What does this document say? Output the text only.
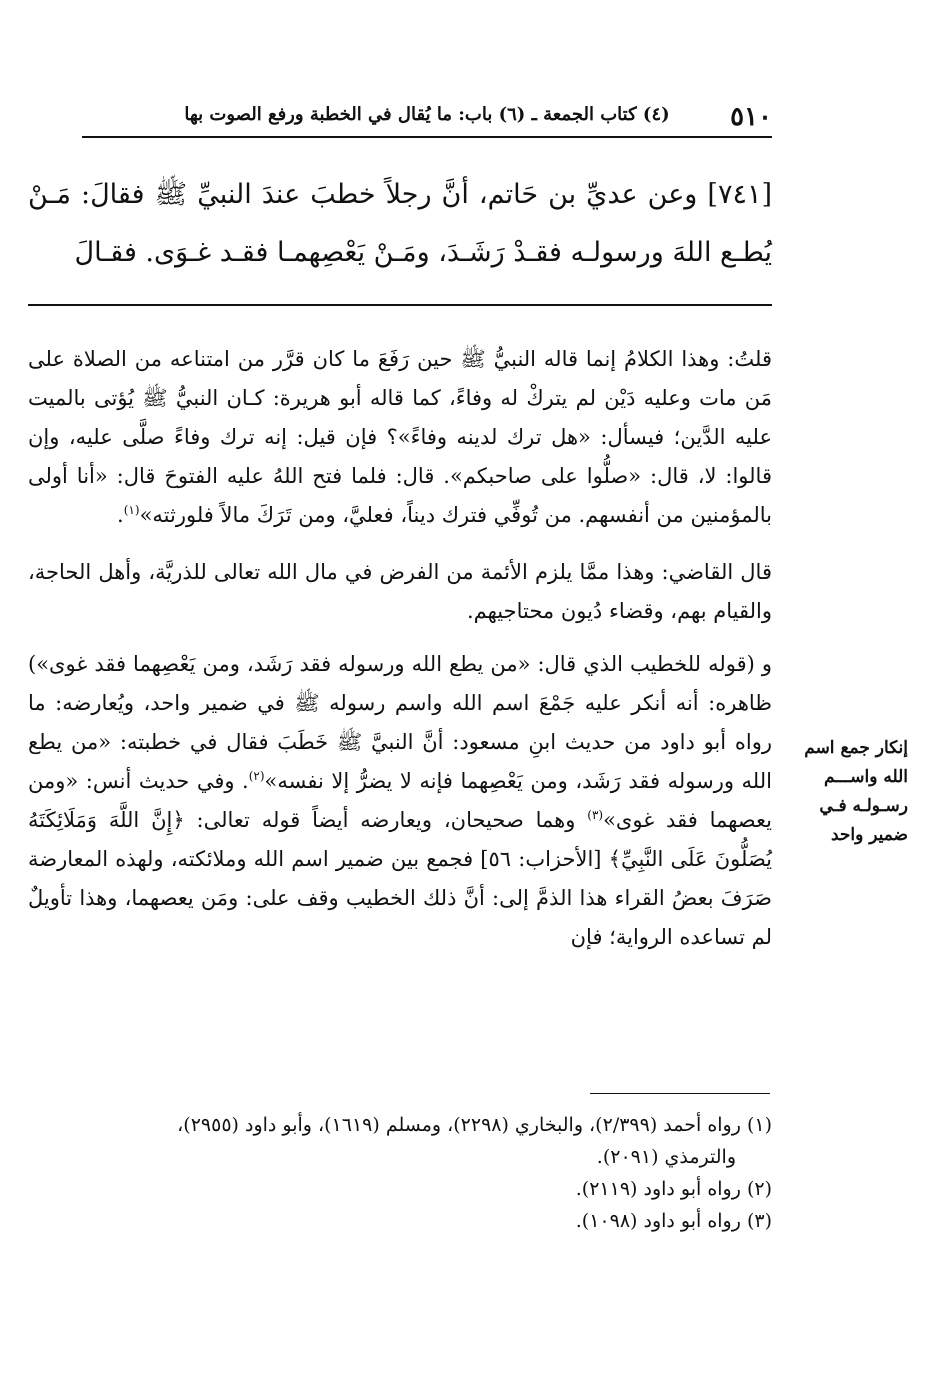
٥١٠
(٤) كتاب الجمعة ـ (٦) باب: ما يُقال في الخطبة ورفع الصوت بها

[٧٤١] وعن عديِّ بن حَاتم، أنَّ رجلاً خطبَ عندَ النبيِّ ﷺ فقالَ: مَـنْ يُطـع اللهَ ورسولـه فقـدْ رَشَـدَ، ومَـنْ يَعْصِهمـا فقـد غـوَى. فقـالَ

قلتُ: وهذا الكلامُ إنما قاله النبيُّ ﷺ حين رَفَعَ ما كان قرَّر من امتناعه من الصلاة على مَن مات وعليه دَيْن لم يتركْ له وفاءً، كما قاله أبو هريرة: كـان النبيُّ ﷺ يُؤتى بالميت عليه الدَّين؛ فيسأل: «هل ترك لدينه وفاءً»؟ فإن قيل: إنه ترك وفاءً صلَّى عليه، وإن قالوا: لا، قال: «صلُّوا على صاحبكم». قال: فلما فتح اللهُ عليه الفتوحَ قال: «أنا أولى بالمؤمنين من أنفسهم. من تُوفِّي فترك ديناً، فعليَّ، ومن تَرَكَ مالاً فلورثته»$^{(١)}$.

قال القاضي: وهذا ممَّا يلزم الأئمة من الفرض في مال الله تعالى للذريَّة، وأهل الحاجة، والقيام بهم، وقضاء دُيون محتاجيهم.

و (قوله للخطيب الذي قال: «من يطع الله ورسوله فقد رَشَد، ومن يَعْصِهما فقد غوى») ظاهره: أنه أنكر عليه جَمْعَ اسم الله واسم رسوله ﷺ في ضمير واحد، ويُعارضه: ما رواه أبو داود من حديث ابنِ مسعود: أنَّ النبيَّ ﷺ خَطَبَ فقال في خطبته: «من يطع الله ورسوله فقد رَشَد، ومن يَعْصِهما فإنه لا يضرُّ إلا نفسه»$^{(٢)}$. وفي حديث أنس: «ومن يعصهما فقد غوى»$^{(٣)}$ وهما صحيحان، ويعارضه أيضاً قوله تعالى: ﴿إِنَّ اللَّهَ وَمَلَائِكَتَهُ يُصَلُّونَ عَلَى النَّبِيِّ﴾ [الأحزاب: ٥٦] فجمع بين ضمير اسم الله وملائكته، ولهذه المعارضة صَرَفَ بعضُ القراء هذا الذمَّ إلى: أنَّ ذلك الخطيب وقف على: ومَن يعصهما، وهذا تأويلٌ لم تساعده الرواية؛ فإن

إنكار جمع اسم
الله واســـم
رسـولـه فـي
ضمير واحد

(١) رواه أحمد (٢/٣٩٩)، والبخاري (٢٢٩٨)، ومسلم (١٦١٩)، وأبو داود (٢٩٥٥)،

والترمذي (٢٠٩١).

(٢) رواه أبو داود (٢١١٩).

(٣) رواه أبو داود (١٠٩٨).
